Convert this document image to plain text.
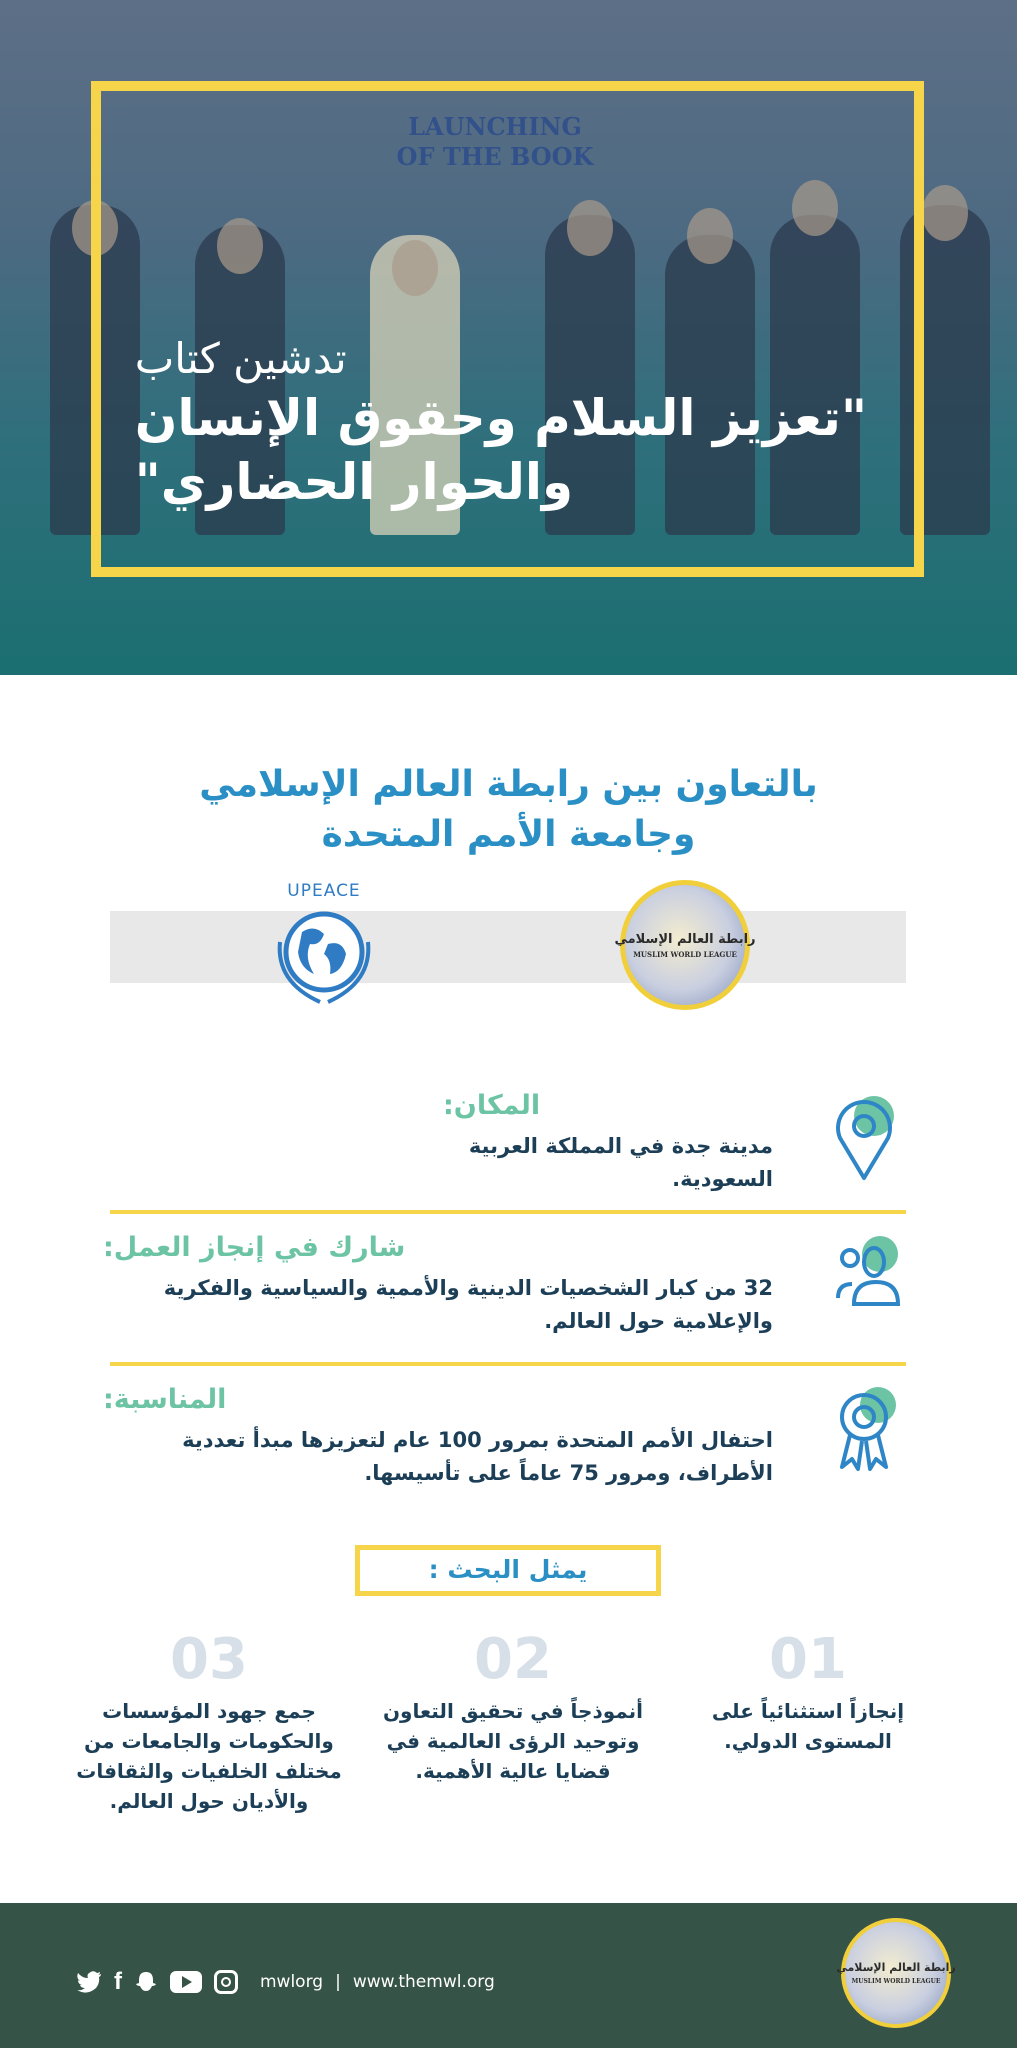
LAUNCHING
OF THE BOOK
تدشين كتاب
"تعزيز السلام وحقوق الإنسان
والحوار الحضاري"
بالتعاون بين رابطة العالم الإسلامي
وجامعة الأمم المتحدة
UPEACE
رابطة العالم الإسلامي
MUSLIM WORLD LEAGUE
المكان:
مدينة جدة في المملكة العربية السعودية.
شارك في إنجاز العمل:
32 من كبار الشخصيات الدينية والأممية والسياسية والفكرية والإعلامية حول العالم.
المناسبة:
احتفال الأمم المتحدة بمرور 100 عام لتعزيزها مبدأ تعددية الأطراف، ومرور 75 عاماً على تأسيسها.
يمثل البحث :
01
إنجازاً استثنائياً على المستوى الدولي.
02
أنموذجاً في تحقيق التعاون وتوحيد الرؤى العالمية في قضايا عالية الأهمية.
03
جمع جهود المؤسسات والحكومات والجامعات من مختلف الخلفيات والثقافات والأديان حول العالم.
f	mwlorg | www.themwl.org
رابطة العالم الإسلامي
MUSLIM WORLD LEAGUE
